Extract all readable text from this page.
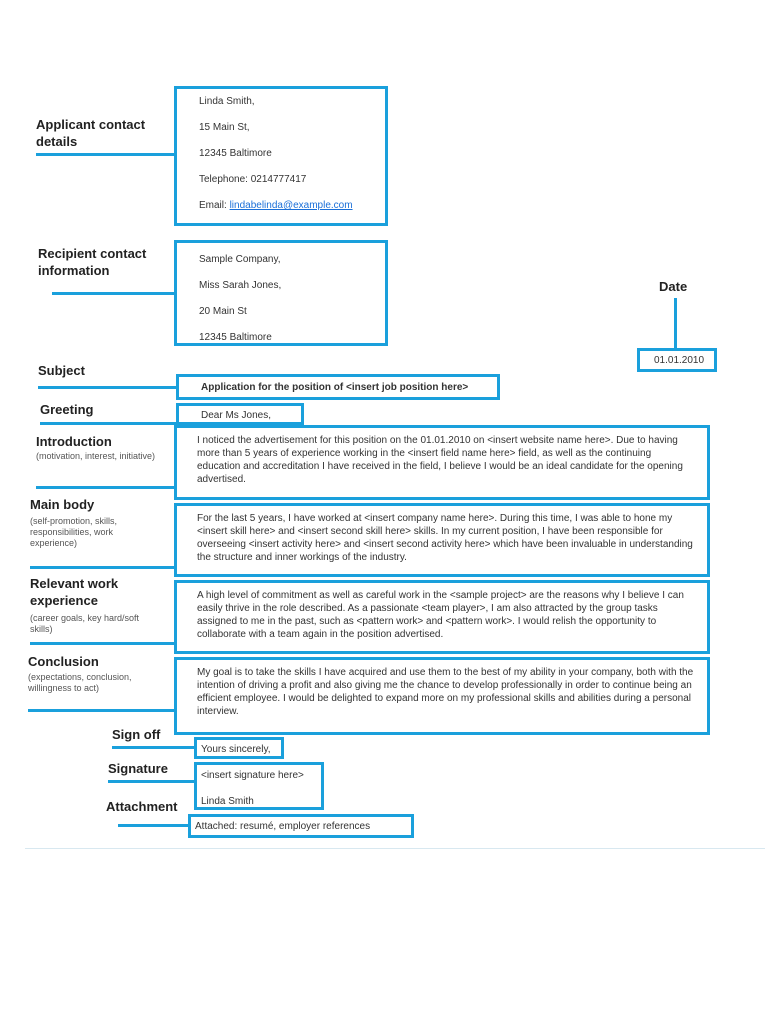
Applicant contact details
Linda Smith,
15 Main St,
12345 Baltimore
Telephone: 0214777417
Email: lindabelinda@example.com
Recipient contact information
Sample Company,
Miss Sarah Jones,
20 Main St
12345 Baltimore
Date
01.01.2010
Subject
Application for the position of <insert job position here>
Greeting	Dear Ms Jones,
Introduction
(motivation, interest, initiative)
I noticed the advertisement for this position on the 01.01.2010 on <insert website name here>. Due to having more than 5 years of experience working in the <insert field name here> field, as well as the continuing education and accreditation I have received in the field, I believe I would be an ideal candidate for the opening advertised.
Main body
(self-promotion, skills, responsibilities, work experience)
For the last 5 years, I have worked at <insert company name here>. During this time, I was able to hone my <insert skill here> and <insert second skill here> skills. In my current position, I have been responsible for overseeing <insert activity here> and <insert second activity here> which have been invaluable in understanding the structure and inner workings of the industry.
Relevant work experience
(career goals, key hard/soft skills)
A high level of commitment as well as careful work in the <sample project> are the reasons why I believe I can easily thrive in the role described. As a passionate <team player>, I am also attracted by the group tasks assigned to me in the past, such as <pattern work> and <pattern work>. I would relish the opportunity to collaborate with a team again in the position advertised.
Conclusion
(expectations, conclusion, willingness to act)
My goal is to take the skills I have acquired and use them to the best of my ability in your company, both with the intention of driving a profit and also giving me the chance to develop professionally in order to continue being an efficient employee. I would be delighted to expand more on my professional skills and abilities during a personal interview.
Sign off
Yours sincerely,
Signature	<insert signature here>
Linda Smith
Attachment
Attached: resumé, employer references
